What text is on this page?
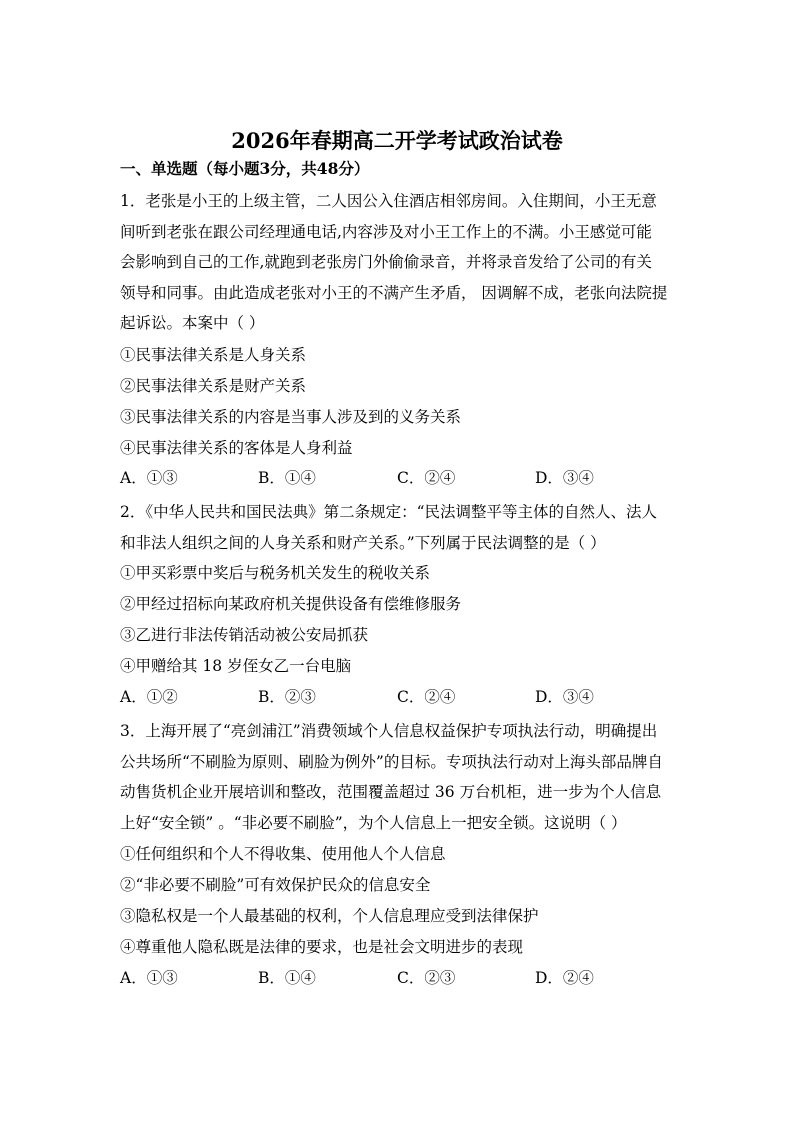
2026年春期高二开学考试政治试卷
一、单选题（每小题3分，共48分）
1．老张是小王的上级主管，二人因公入住酒店相邻房间。入住期间，小王无意
间听到老张在跟公司经理通电话,内容涉及对小王工作上的不满。小王感觉可能
会影响到自己的工作,就跑到老张房门外偷偷录音，并将录音发给了公司的有关
领导和同事。由此造成老张对小王的不满产生矛盾， 因调解不成，老张向法院提
起诉讼。本案中（ ）
①民事法律关系是人身关系
②民事法律关系是财产关系
③民事法律关系的内容是当事人涉及到的义务关系
④民事法律关系的客体是人身利益
A．①③	B．①④	C．②④	D．③④
2．《中华人民共和国民法典》第二条规定：“民法调整平等主体的自然人、法人
和非法人组织之间的人身关系和财产关系。”下列属于民法调整的是（ ）
①甲买彩票中奖后与税务机关发生的税收关系
②甲经过招标向某政府机关提供设备有偿维修服务
③乙进行非法传销活动被公安局抓获
④甲赠给其 18 岁侄女乙一台电脑
A．①②	B．②③	C．②④	D．③④
3．上海开展了“亮剑浦江”消费领域个人信息权益保护专项执法行动，明确提出
公共场所“不刷脸为原则、刷脸为例外”的目标。专项执法行动对上海头部品牌自
动售货机企业开展培训和整改，范围覆盖超过 36 万台机柜，进一步为个人信息
上好“安全锁” 。“非必要不刷脸”，为个人信息上一把安全锁。这说明（ ）
①任何组织和个人不得收集、使用他人个人信息
②“非必要不刷脸”可有效保护民众的信息安全
③隐私权是一个人最基础的权利，个人信息理应受到法律保护
④尊重他人隐私既是法律的要求，也是社会文明进步的表现
A．①③	B．①④	C．②③	D．②④
